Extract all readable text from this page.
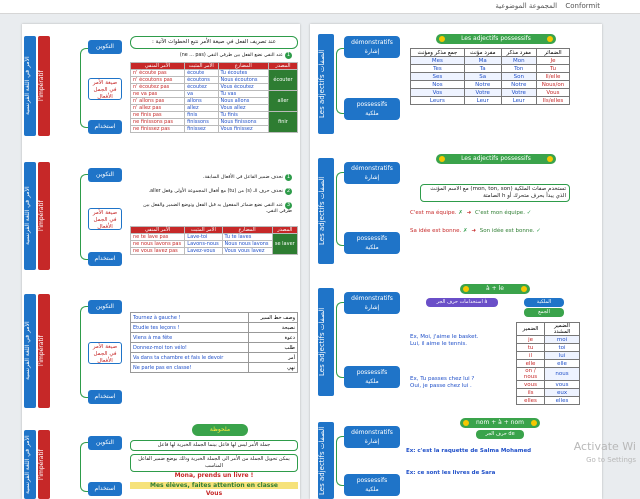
Conformit المجموعة الموضوعية
الأمر في اللغة الفرنسية	l'impératif
التكوين
صيغة الأمر في الجمل الأفعال
استخدام
عند تصريف الفعل في صيغة الأمر نتبع الخطوات الآتية :
1عند النفي نضع الفعل بين طرفي النفي (ne ... pas)
الأمر المنفي	الأمر المثبت	المضارع	المصدر
n' écoute pas	écoute	Tu écoutes	écouter
n' écoutons pas	écoutons	Nous écoutons	
n' écoutez pas	écoutez	Vous écoutez	
ne va pas	va	Tu vas	aller
n' allons pas	allons	Nous allons	
n' allez pas	allez	Vous allez	
ne finis pas	finis	Tu finis	finir
ne finissons pas	finissons	Nous finissons	
ne finissez pas	finissez	Vous finissez	
الأمر في اللغة الفرنسية	l'impératif
التكوين
صيغة الأمر في الجمل الأفعال
استخدام
1نحذف ضمير الفاعل في الأفعال السابقة.
2نحذف حرف الـ (s) من (tu) مع أفعال المجموعة الأولى وفعل aller.
3عند النفي نضع ضمائر المفعول به قبل الفعل وتوضع الضمير والفعل بين طرفي النفي.
الأمر المنفي	الأمر المثبت	المضارع	المصدر
ne te lave pas	Lave-toi	Tu te laves	se laver
ne nous lavons pas	Lavons-nous	Nous nous lavons	
ne vous lavez pas	Lavez-vous	Vous vous lavez	
الأمر في اللغة الفرنسية	l'impératif
التكوين
صيغة الأمر في الجمل الأفعال
استخدام
Tournez à gauche !	وصف خط السير
Etudie tes leçons !	نصيحة
Viens à ma fête	دعوة
Donnez-moi ton vélo!	طلب
Va dans ta chambre et fais le devoir	أمر
Ne parle pas en classe!	نهي
الأمر في اللغة الفرنسية	l'impératif
التكوين
استخدام
ملحوظة
جملة الأمر ليس لها فاعل بينما الجملة الخبرية لها فاعل
يمكن تحويل الجملة من الأمر الى الجملة الخبرية وذلك بوضع ضمير الفاعل المناسب
Mona, prends un livre !
Mes élèves, faites attention en classe
Vous
Les adjectifs الصفات
démonstratifs
إشارة
possessifs
ملكية
Les adjectifs possessifs
جمع مذكر ومؤنث	مفرد مؤنث	مفرد مذكر	الضمائر
Mes	Ma	Mon	Je
Tes	Ta	Ton	Tu
Ses	Sa	Son	Il/elle
Nos	Notre	Notre	Nous/on
Vos	Votre	Votre	Vous
Leurs	Leur	Leur	Ils/elles
Les adjectifs الصفات
démonstratifs
إشارة
possessifs
ملكية
Les adjectifs possessifs
تستخدم صفات الملكية (mon, ton, son) مع الاسم المؤنث الذي يبدأ بحرف متحرك أو h الصامتة
C'est ma équipe. ✗ ➜ C'est mon équipe. ✓
Sa idée est bonne. ✗ ➜ Son idée est bonne. ✓
Les adjectifs الصفات
démonstratifs
إشارة
possessifs
ملكية
à + le
استخدامات حرف الجر à	الملكية
الجمع
الضمير	الضمير المشدد
je	moi
tu	toi
il	lui
elle	elle
on / nous	nous
vous	vous
ils	eux
elles	elles
Ex, Moi, j'aime le basket.
Lui, il aime le tennis.
Ex, Tu passes chez lui ?
Oui, je passe chez lui .
Les adjectifs الصفات	démonstratifs
إشارة
possessifs
ملكية
nom + à + nom
حرف الجر de
Ex: c'est la raquette de Salma Mohamed
Ex: ce sont les livres de Sara
Activate Wi
Go to Settings
